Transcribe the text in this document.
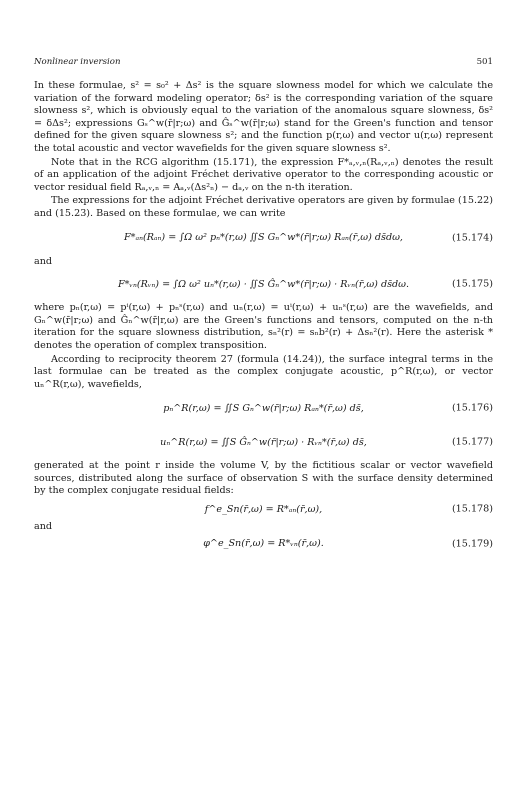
Nonlinear inversion	501

In these formulae, s² = s₀² + Δs² is the square slowness model for which we calculate the variation of the forward modeling operator; δs² is the corresponding variation of the square slowness s², which is obviously equal to the variation of the anomalous square slowness, δs² = δΔs²; expressions Gₛ^w(r̄|r;ω) and Ĝₛ^w(r̄|r;ω) stand for the Green's function and tensor defined for the given square slowness s²; and the function p(r,ω) and vector u(r,ω) represent the total acoustic and vector wavefields for the given square slowness s².

Note that in the RCG algorithm (15.171), the expression F*ₐ,ᵥ,ₙ(Rₐ,ᵥ,ₙ) denotes the result of an application of the adjoint Fréchet derivative operator to the corresponding acoustic or vector residual field Rₐ,ᵥ,ₙ = Aₐ,ᵥ(Δs²ₙ) − dₐ,ᵥ on the n-th iteration.

The expressions for the adjoint Fréchet derivative operators are given by formulae (15.22) and (15.23). Based on these formulae, we can write

F*ₐₙ(Rₐₙ) = ∫Ω ω² pₙ*(r,ω) ∬S Gₙ^w*(r̄|r;ω) Rₐₙ(r̄,ω) ds̄dω,	(15.174)

and

F*ᵥₙ(Rᵥₙ) = ∫Ω ω² uₙ*(r,ω) · ∬S Ĝₙ^w*(r̄|r;ω) · Rᵥₙ(r̄,ω) ds̄dω.	(15.175)

where pₙ(r,ω) = pⁱ(r,ω) + pₙˢ(r,ω) and uₙ(r,ω) = uⁱ(r,ω) + uₙˢ(r,ω) are the wavefields, and Gₙ^w(r̄|r;ω) and Ĝₙ^w(r̄|r,ω) are the Green's functions and tensors, computed on the n-th iteration for the square slowness distribution, sₙ²(r) = sₙb²(r) + Δsₙ²(r). Here the asterisk * denotes the operation of complex transposition.

According to reciprocity theorem 27 (formula (14.24)), the surface integral terms in the last formulae can be treated as the complex conjugate acoustic, p^R(r,ω), or vector uₙ^R(r,ω), wavefields,

pₙ^R(r,ω) = ∬S Gₙ^w(r̄|r;ω) Rₐₙ*(r̄,ω) ds̄,	(15.176)
uₙ^R(r,ω) = ∬S Ĝₙ^w(r̄|r;ω) · Rᵥₙ*(r̄,ω) ds̄,	(15.177)

generated at the point r inside the volume V, by the fictitious scalar or vector wavefield sources, distributed along the surface of observation S with the surface density determined by the complex conjugate residual fields:

f^e_Sn(r̄,ω) = R*ₐₙ(r̄,ω),	(15.178)

and

φ^e_Sn(r̄,ω) = R*ᵥₙ(r̄,ω).	(15.179)
